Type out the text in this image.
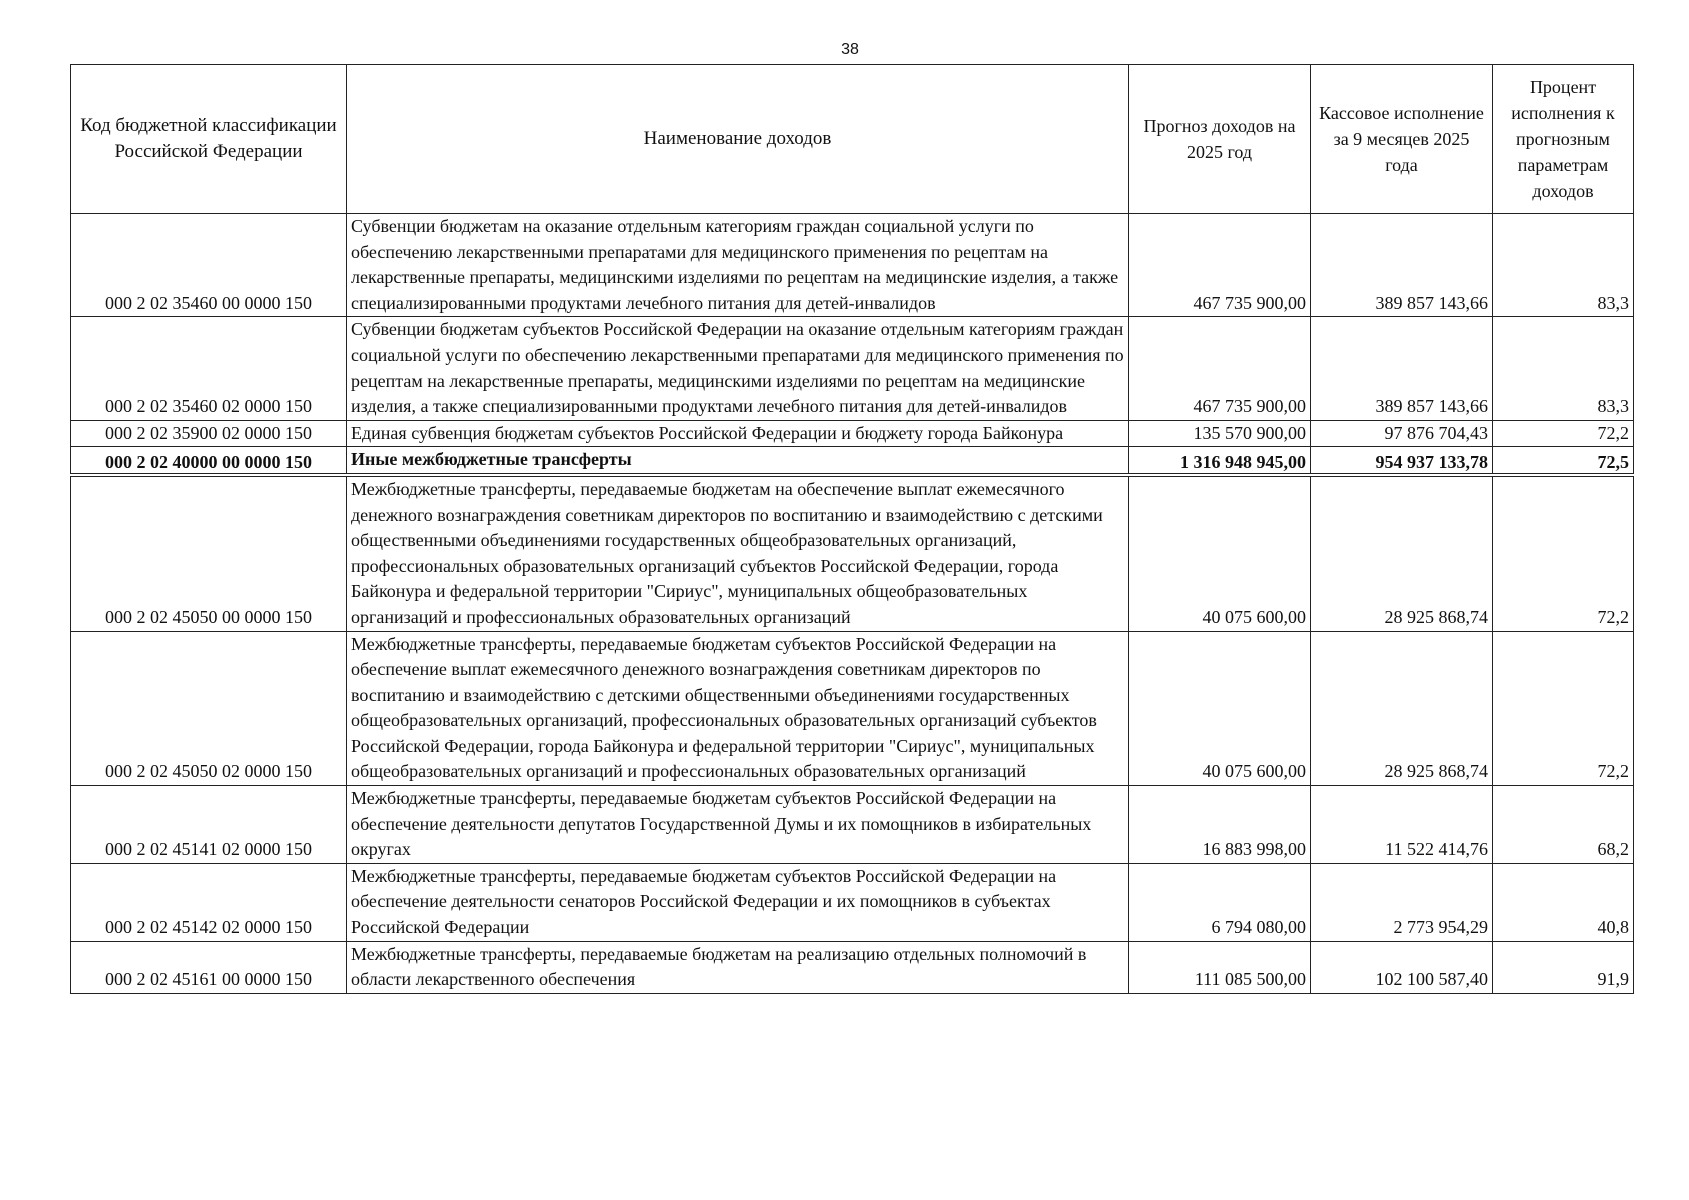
38
Код бюджетной классификации Российской Федерации	Наименование доходов	Прогноз доходов на 2025 год	Кассовое исполнение за 9 месяцев 2025 года	Процент исполнения к прогнозным параметрам доходов
000 2 02 35460 00 0000 150	Субвенции бюджетам на оказание отдельным категориям граждан социальной услуги по обеспечению лекарственными препаратами для медицинского применения по рецептам на лекарственные препараты, медицинскими изделиями по рецептам на медицинские изделия, а также специализированными продуктами лечебного питания для детей-инвалидов	467 735 900,00	389 857 143,66	83,3
000 2 02 35460 02 0000 150	Субвенции бюджетам субъектов Российской Федерации на оказание отдельным категориям граждан социальной услуги по обеспечению лекарственными препаратами для медицинского применения по рецептам на лекарственные препараты, медицинскими изделиями по рецептам на медицинские изделия, а также специализированными продуктами лечебного питания для детей-инвалидов	467 735 900,00	389 857 143,66	83,3
000 2 02 35900 02 0000 150	Единая субвенция бюджетам субъектов Российской Федерации и бюджету города Байконура	135 570 900,00	97 876 704,43	72,2
000 2 02 40000 00 0000 150	Иные межбюджетные трансферты	1 316 948 945,00	954 937 133,78	72,5
000 2 02 45050 00 0000 150	Межбюджетные трансферты, передаваемые бюджетам на обеспечение выплат ежемесячного денежного вознаграждения советникам директоров по воспитанию и взаимодействию с детскими общественными объединениями государственных общеобразовательных организаций, профессиональных образовательных организаций субъектов Российской Федерации, города Байконура и федеральной территории "Сириус", муниципальных общеобразовательных организаций и профессиональных образовательных организаций	40 075 600,00	28 925 868,74	72,2
000 2 02 45050 02 0000 150	Межбюджетные трансферты, передаваемые бюджетам субъектов Российской Федерации на обеспечение выплат ежемесячного денежного вознаграждения советникам директоров по воспитанию и взаимодействию с детскими общественными объединениями государственных общеобразовательных организаций, профессиональных образовательных организаций субъектов Российской Федерации, города Байконура и федеральной территории "Сириус", муниципальных общеобразовательных организаций и профессиональных образовательных организаций	40 075 600,00	28 925 868,74	72,2
000 2 02 45141 02 0000 150	Межбюджетные трансферты, передаваемые бюджетам субъектов Российской Федерации на обеспечение деятельности депутатов Государственной Думы и их помощников в избирательных округах	16 883 998,00	11 522 414,76	68,2
000 2 02 45142 02 0000 150	Межбюджетные трансферты, передаваемые бюджетам субъектов Российской Федерации на обеспечение деятельности сенаторов Российской Федерации и их помощников в субъектах Российской Федерации	6 794 080,00	2 773 954,29	40,8
000 2 02 45161 00 0000 150	Межбюджетные трансферты, передаваемые бюджетам на реализацию отдельных полномочий в области лекарственного обеспечения	111 085 500,00	102 100 587,40	91,9
